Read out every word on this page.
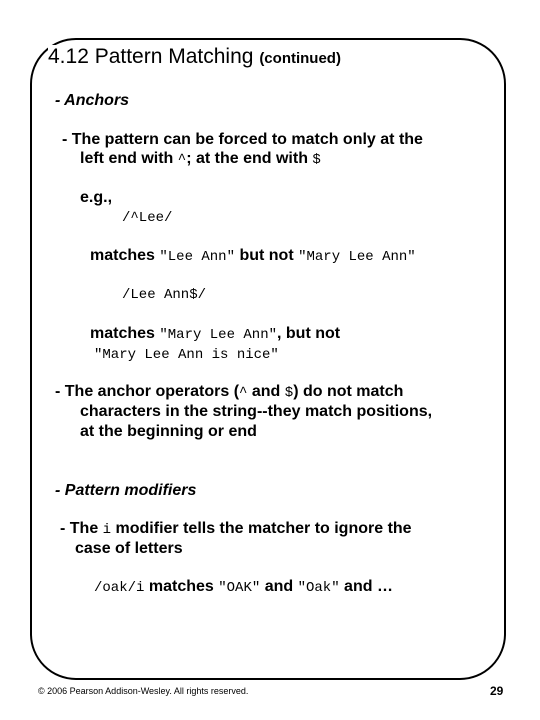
4.12 Pattern Matching (continued)
- Anchors
- The pattern can be forced to match only at the
left end with ^; at the end with $
e.g.,
/^Lee/
matches "Lee Ann" but not "Mary Lee Ann"
/Lee Ann$/
matches "Mary Lee Ann", but not
"Mary Lee Ann is nice"
- The anchor operators (^ and $) do not match
characters in the string--they match positions,
at the beginning or end
- Pattern modifiers
- The i modifier tells the matcher to ignore the
case of letters
/oak/i matches "OAK" and "Oak" and …
© 2006 Pearson Addison-Wesley. All rights reserved.	29
